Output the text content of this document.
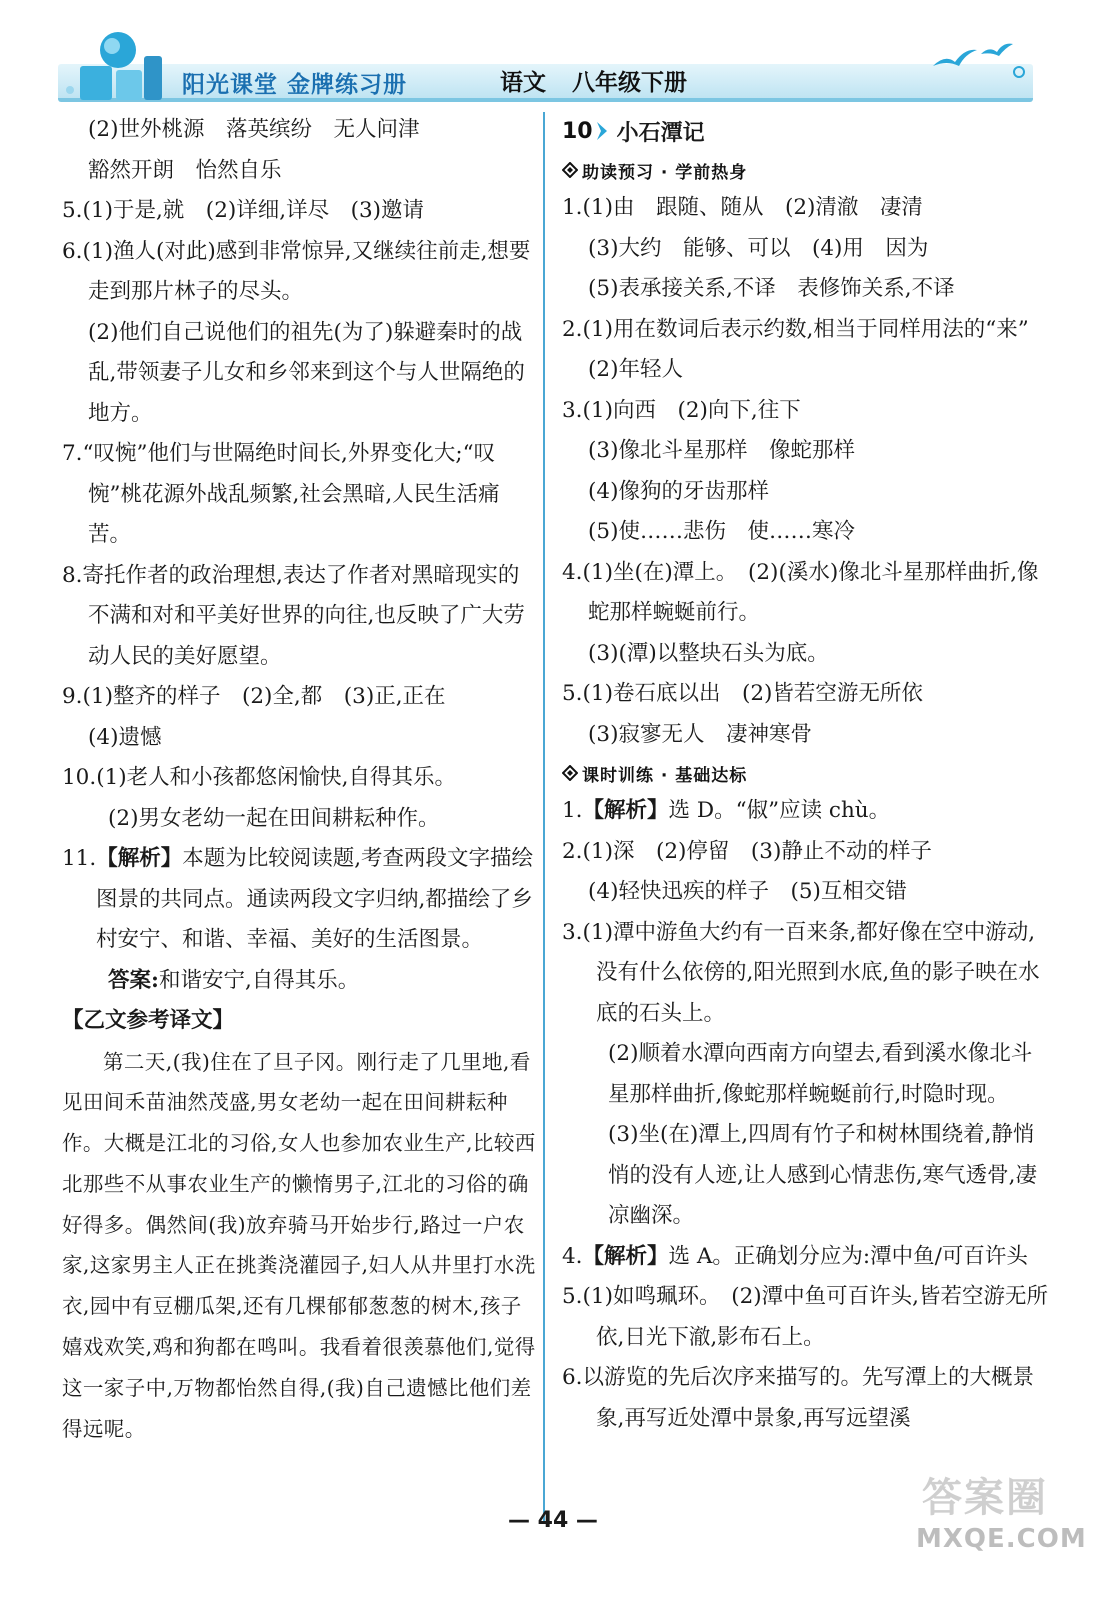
阳光课堂 金牌练习册	语文 八年级下册

(2)世外桃源　落英缤纷　无人问津

豁然开朗　怡然自乐

5.(1)于是,就　(2)详细,详尽　(3)邀请

6.(1)渔人(对此)感到非常惊异,又继续往前走,想要走到那片林子的尽头。

(2)他们自己说他们的祖先(为了)躲避秦时的战乱,带领妻子儿女和乡邻来到这个与人世隔绝的地方。

7.“叹惋”他们与世隔绝时间长,外界变化大;“叹惋”桃花源外战乱频繁,社会黑暗,人民生活痛苦。

8.寄托作者的政治理想,表达了作者对黑暗现实的不满和对和平美好世界的向往,也反映了广大劳动人民的美好愿望。

9.(1)整齐的样子　(2)全,都　(3)正,正在

(4)遗憾

10.(1)老人和小孩都悠闲愉快,自得其乐。

(2)男女老幼一起在田间耕耘种作。

11.【解析】本题为比较阅读题,考查两段文字描绘图景的共同点。通读两段文字归纳,都描绘了乡村安宁、和谐、幸福、美好的生活图景。

答案:和谐安宁,自得其乐。

【乙文参考译文】

第二天,(我)住在了旦子冈。刚行走了几里地,看见田间禾苗油然茂盛,男女老幼一起在田间耕耘种作。大概是江北的习俗,女人也参加农业生产,比较西北那些不从事农业生产的懒惰男子,江北的习俗的确好得多。偶然间(我)放弃骑马开始步行,路过一户农家,这家男主人正在挑粪浇灌园子,妇人从井里打水洗衣,园中有豆棚瓜架,还有几棵郁郁葱葱的树木,孩子嬉戏欢笑,鸡和狗都在鸣叫。我看着很羡慕他们,觉得这一家子中,万物都怡然自得,(我)自己遗憾比他们差得远呢。

10 小石潭记
助读预习 · 学前热身

1.(1)由　跟随、随从　(2)清澈　凄清

(3)大约　能够、可以　(4)用　因为

(5)表承接关系,不译　表修饰关系,不译

2.(1)用在数词后表示约数,相当于同样用法的“来”

(2)年轻人

3.(1)向西　(2)向下,往下

(3)像北斗星那样　像蛇那样

(4)像狗的牙齿那样

(5)使……悲伤　使……寒冷

4.(1)坐(在)潭上。　(2)(溪水)像北斗星那样曲折,像蛇那样蜿蜒前行。

(3)(潭)以整块石头为底。

5.(1)卷石底以出　(2)皆若空游无所依

(3)寂寥无人　凄神寒骨

课时训练 · 基础达标

1.【解析】选 D。“俶”应读 chù。

2.(1)深　(2)停留　(3)静止不动的样子

(4)轻快迅疾的样子　(5)互相交错

3.(1)潭中游鱼大约有一百来条,都好像在空中游动,没有什么依傍的,阳光照到水底,鱼的影子映在水底的石头上。

(2)顺着水潭向西南方向望去,看到溪水像北斗星那样曲折,像蛇那样蜿蜒前行,时隐时现。

(3)坐(在)潭上,四周有竹子和树林围绕着,静悄悄的没有人迹,让人感到心情悲伤,寒气透骨,凄凉幽深。

4.【解析】选 A。正确划分应为:潭中鱼/可百许头

5.(1)如鸣珮环。　(2)潭中鱼可百许头,皆若空游无所依,日光下澈,影布石上。

6.以游览的先后次序来描写的。先写潭上的大概景象,再写近处潭中景象,再写远望溪

— 44 —	答案圈
MXQE.COM
